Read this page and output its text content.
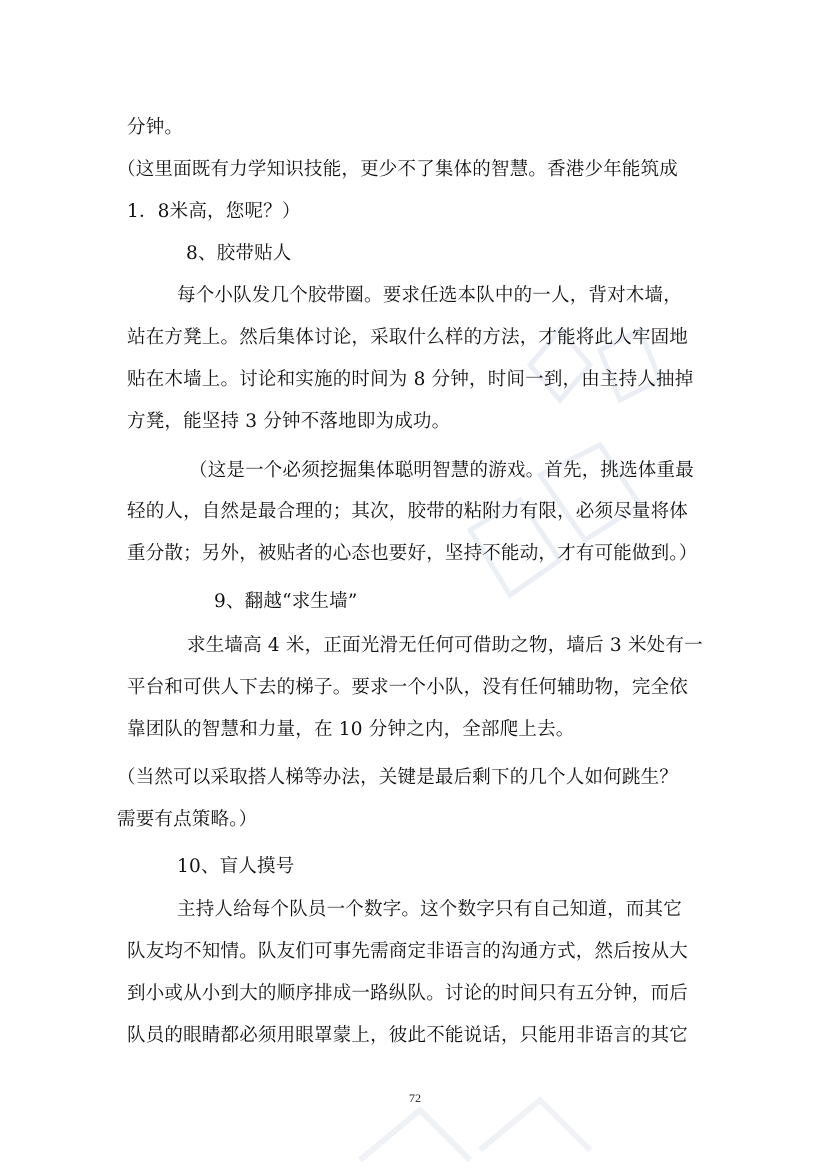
分钟。

（这里面既有力学知识技能，更少不了集体的智慧。香港少年能筑成

1．8米高，您呢？）

8、胶带贴人

每个小队发几个胶带圈。要求任选本队中的一人，背对木墙，

站在方凳上。然后集体讨论，采取什么样的方法，才能将此人牢固地

贴在木墙上。讨论和实施的时间为 8 分钟，时间一到，由主持人抽掉

方凳，能坚持 3 分钟不落地即为成功。

（这是一个必须挖掘集体聪明智慧的游戏。首先，挑选体重最

轻的人，自然是最合理的；其次，胶带的粘附力有限，必须尽量将体

重分散；另外，被贴者的心态也要好，坚持不能动，才有可能做到。）

9、翻越“求生墙”

求生墙高 4 米，正面光滑无任何可借助之物，墙后 3 米处有一

平台和可供人下去的梯子。要求一个小队，没有任何辅助物，完全依

靠团队的智慧和力量，在 10 分钟之内，全部爬上去。

（当然可以采取搭人梯等办法，关键是最后剩下的几个人如何跳生？

需要有点策略。）

10、盲人摸号

主持人给每个队员一个数字。这个数字只有自己知道，而其它

队友均不知情。队友们可事先需商定非语言的沟通方式，然后按从大

到小或从小到大的顺序排成一路纵队。讨论的时间只有五分钟，而后

队员的眼睛都必须用眼罩蒙上，彼此不能说话，只能用非语言的其它

72
